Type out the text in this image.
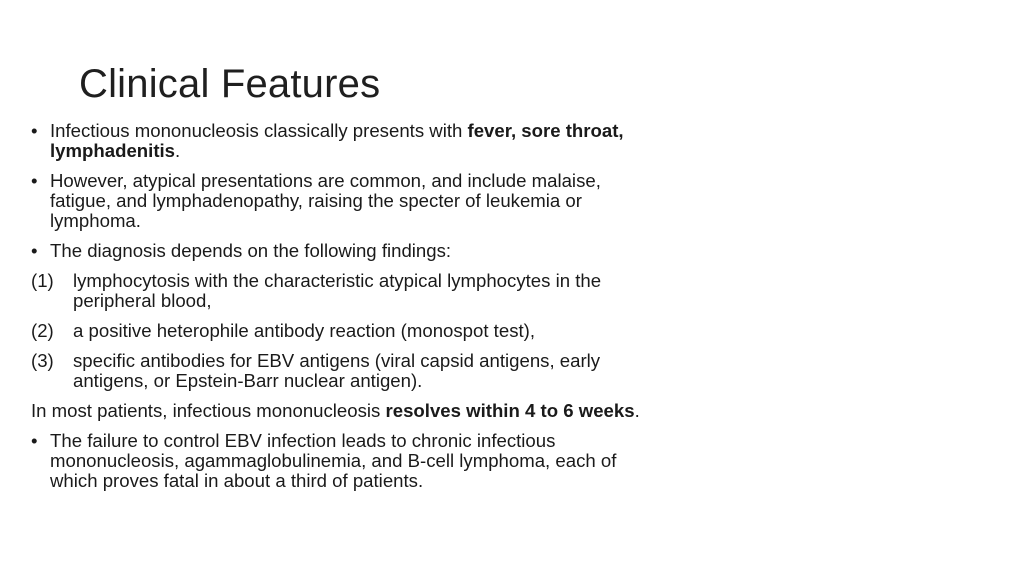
Clinical Features
• Infectious mononucleosis classically presents with fever, sore throat, lymphadenitis.
• However, atypical presentations are common, and include malaise, fatigue, and lymphadenopathy, raising the specter of leukemia or lymphoma.
• The diagnosis depends on the following findings:
(1) lymphocytosis with the characteristic atypical lymphocytes in the peripheral blood,
(2) a positive heterophile antibody reaction (monospot test),
(3) specific antibodies for EBV antigens (viral capsid antigens, early antigens, or Epstein-Barr nuclear antigen).
In most patients, infectious mononucleosis resolves within 4 to 6 weeks.
• The failure to control EBV infection leads to chronic infectious mononucleosis, agammaglobulinemia, and B-cell lymphoma, each of which proves fatal in about a third of patients.
